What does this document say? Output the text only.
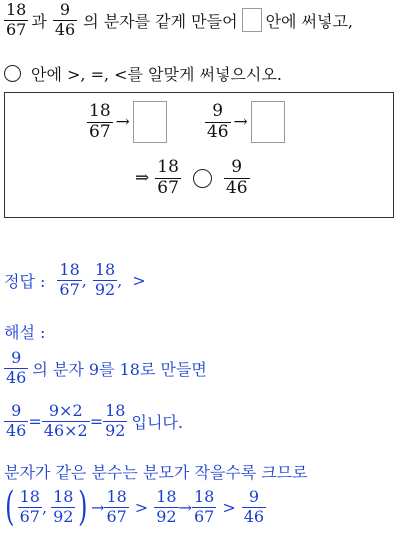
$\frac{18}{67}$ 과 $\frac{9}{46}$ 의 분자를 같게 만들어 안에 써넣고,
안에 >, =, <를 알맞게 써넣으시오.
$\frac{18}{67}$ →	$\frac{9}{46}$ →
⇒ $\frac{18}{67}$	$\frac{9}{46}$
정답 : $\frac{18}{67}$ , $\frac{18}{92}$ , >
해설 :
$\frac{9}{46}$ 의 분자 9를 18로 만들면
$\frac{9}{46} = \frac{9\times 2}{46\times 2} = \frac{18}{92}$ 입니다.
분자가 같은 분수는 분모가 작을수록 크므로
( $\frac{18}{67}$ , $\frac{18}{92}$ ) → $\frac{18}{67} > \frac{18}{92} \to \frac{18}{67} > \frac{9}{46}$
